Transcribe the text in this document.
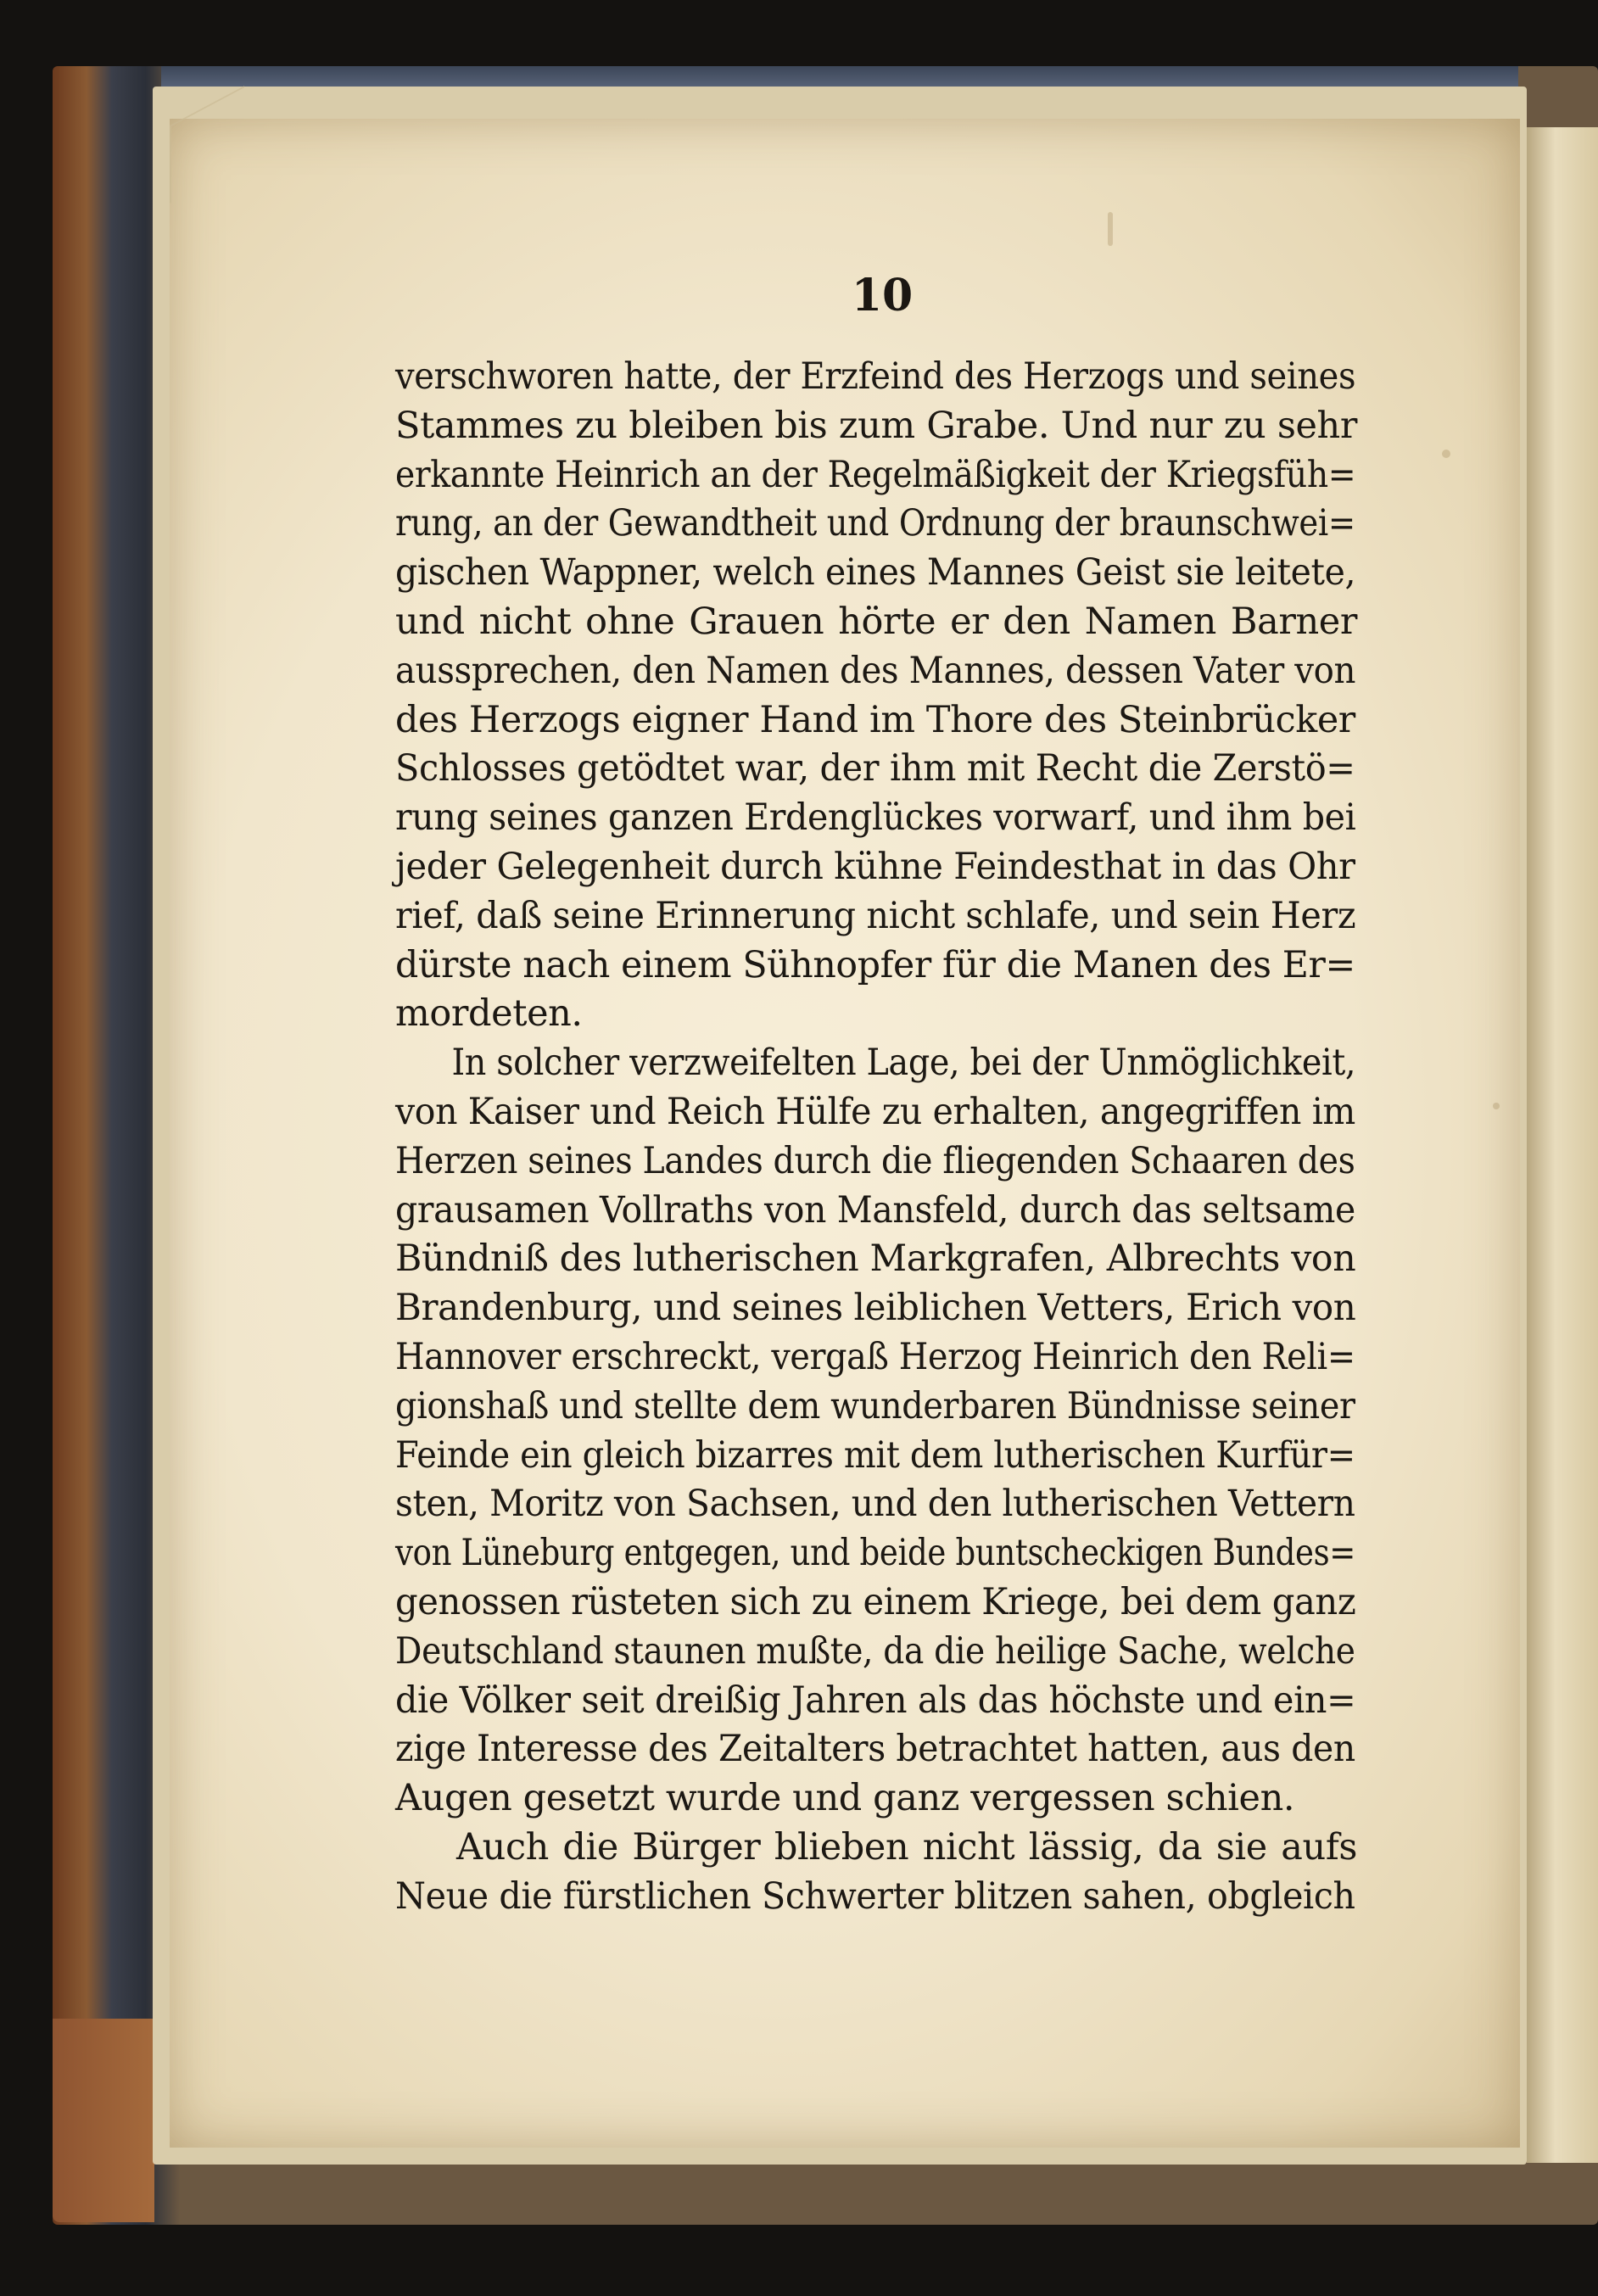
10
verschworen hatte, der Erzfeind des Herzogs und seines
Stammes zu bleiben bis zum Grabe. Und nur zu sehr
erkannte Heinrich an der Regelmäßigkeit der Kriegsfüh=
rung, an der Gewandtheit und Ordnung der braunschwei=
gischen Wappner, welch eines Mannes Geist sie leitete,
und nicht ohne Grauen hörte er den Namen Barner
aussprechen, den Namen des Mannes, dessen Vater von
des Herzogs eigner Hand im Thore des Steinbrücker
Schlosses getödtet war, der ihm mit Recht die Zerstö=
rung seines ganzen Erdenglückes vorwarf, und ihm bei
jeder Gelegenheit durch kühne Feindesthat in das Ohr
rief, daß seine Erinnerung nicht schlafe, und sein Herz
dürste nach einem Sühnopfer für die Manen des Er=
mordeten.
In solcher verzweifelten Lage, bei der Unmöglichkeit,
von Kaiser und Reich Hülfe zu erhalten, angegriffen im
Herzen seines Landes durch die fliegenden Schaaren des
grausamen Vollraths von Mansfeld, durch das seltsame
Bündniß des lutherischen Markgrafen, Albrechts von
Brandenburg, und seines leiblichen Vetters, Erich von
Hannover erschreckt, vergaß Herzog Heinrich den Reli=
gionshaß und stellte dem wunderbaren Bündnisse seiner
Feinde ein gleich bizarres mit dem lutherischen Kurfür=
sten, Moritz von Sachsen, und den lutherischen Vettern
von Lüneburg entgegen, und beide buntscheckigen Bundes=
genossen rüsteten sich zu einem Kriege, bei dem ganz
Deutschland staunen mußte, da die heilige Sache, welche
die Völker seit dreißig Jahren als das höchste und ein=
zige Interesse des Zeitalters betrachtet hatten, aus den
Augen gesetzt wurde und ganz vergessen schien.
Auch die Bürger blieben nicht lässig, da sie aufs
Neue die fürstlichen Schwerter blitzen sahen, obgleich
